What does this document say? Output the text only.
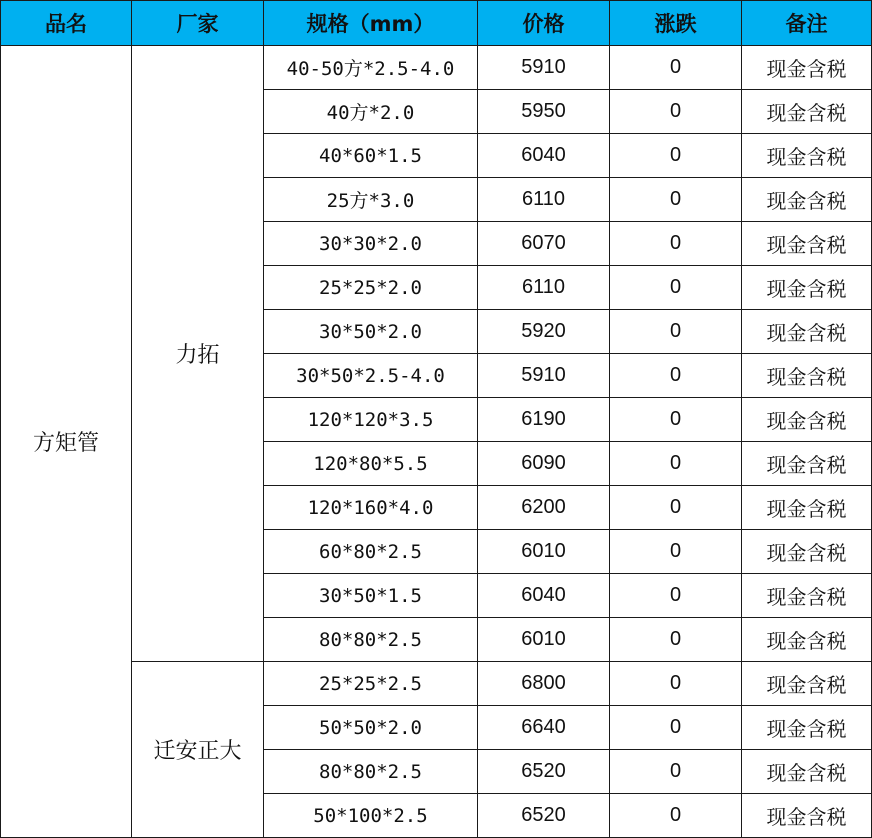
品名	厂家	规格（mm）	价格	涨跌	备注
方矩管	力拓	40-50方*2.5-4.0	5910	0	现金含税
		40方*2.0	5950	0	现金含税
		40*60*1.5	6040	0	现金含税
		25方*3.0	6110	0	现金含税
		30*30*2.0	6070	0	现金含税
		25*25*2.0	6110	0	现金含税
		30*50*2.0	5920	0	现金含税
		30*50*2.5-4.0	5910	0	现金含税
		120*120*3.5	6190	0	现金含税
		120*80*5.5	6090	0	现金含税
		120*160*4.0	6200	0	现金含税
		60*80*2.5	6010	0	现金含税
		30*50*1.5	6040	0	现金含税
		80*80*2.5	6010	0	现金含税
	迁安正大	25*25*2.5	6800	0	现金含税
		50*50*2.0	6640	0	现金含税
		80*80*2.5	6520	0	现金含税
		50*100*2.5	6520	0	现金含税
